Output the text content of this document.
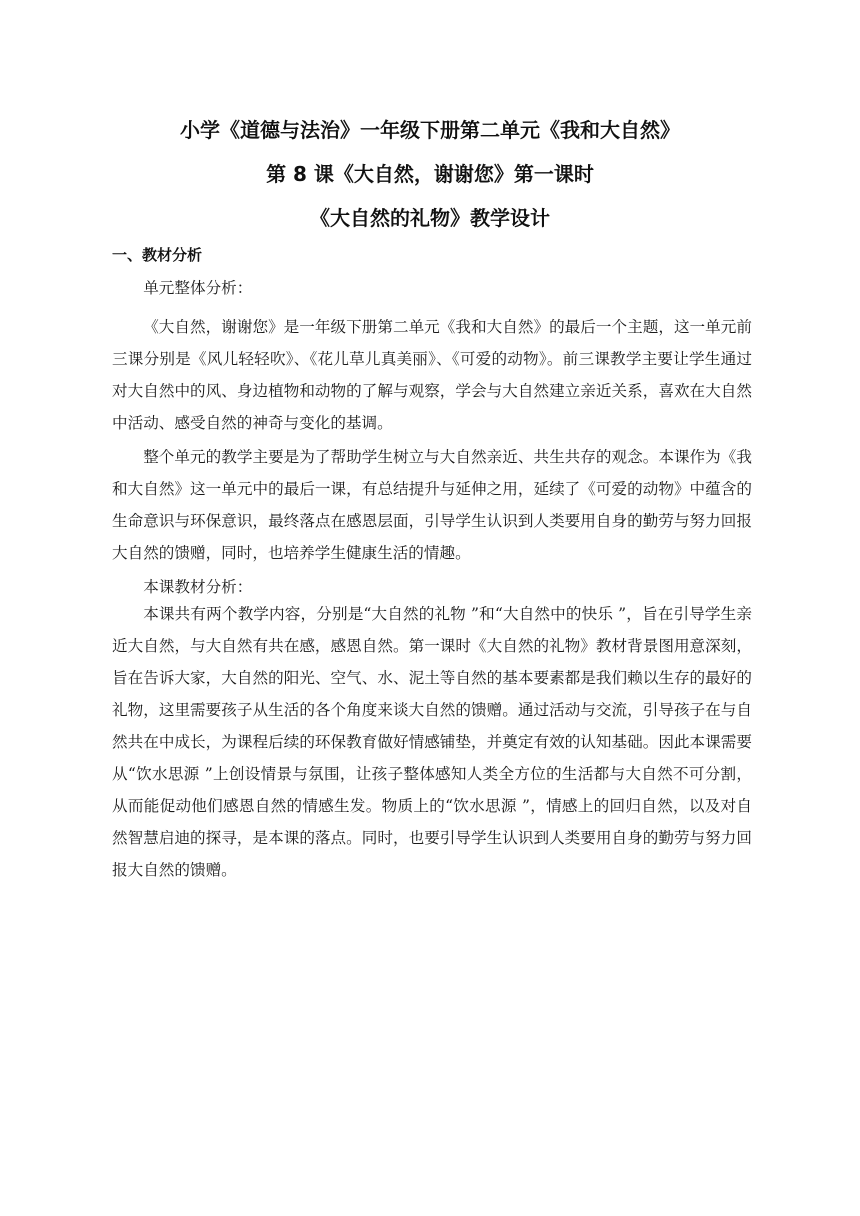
小学《道德与法治》一年级下册第二单元《我和大自然》
第 8 课《大自然，谢谢您》第一课时
《大自然的礼物》教学设计
一、教材分析

单元整体分析：

《大自然，谢谢您》是一年级下册第二单元《我和大自然》的最后一个主题，这一单元前三课分别是《风儿轻轻吹》、《花儿草儿真美丽》、《可爱的动物》。前三课教学主要让学生通过对大自然中的风、身边植物和动物的了解与观察，学会与大自然建立亲近关系，喜欢在大自然中活动、感受自然的神奇与变化的基调。

整个单元的教学主要是为了帮助学生树立与大自然亲近、共生共存的观念。本课作为《我和大自然》这一单元中的最后一课，有总结提升与延伸之用，延续了《可爱的动物》中蕴含的生命意识与环保意识，最终落点在感恩层面，引导学生认识到人类要用自身的勤劳与努力回报大自然的馈赠，同时，也培养学生健康生活的情趣。

本课教材分析：

本课共有两个教学内容，分别是“大自然的礼物 ”和“大自然中的快乐 ”，旨在引导学生亲近大自然，与大自然有共在感，感恩自然。第一课时《大自然的礼物》教材背景图用意深刻，旨在告诉大家，大自然的阳光、空气、水、泥土等自然的基本要素都是我们赖以生存的最好的礼物，这里需要孩子从生活的各个角度来谈大自然的馈赠。通过活动与交流，引导孩子在与自然共在中成长，为课程后续的环保教育做好情感铺垫，并奠定有效的认知基础。因此本课需要从“饮水思源 ”上创设情景与氛围，让孩子整体感知人类全方位的生活都与大自然不可分割，从而能促动他们感恩自然的情感生发。物质上的“饮水思源 ”，情感上的回归自然，以及对自然智慧启迪的探寻，是本课的落点。同时，也要引导学生认识到人类要用自身的勤劳与努力回报大自然的馈赠。
